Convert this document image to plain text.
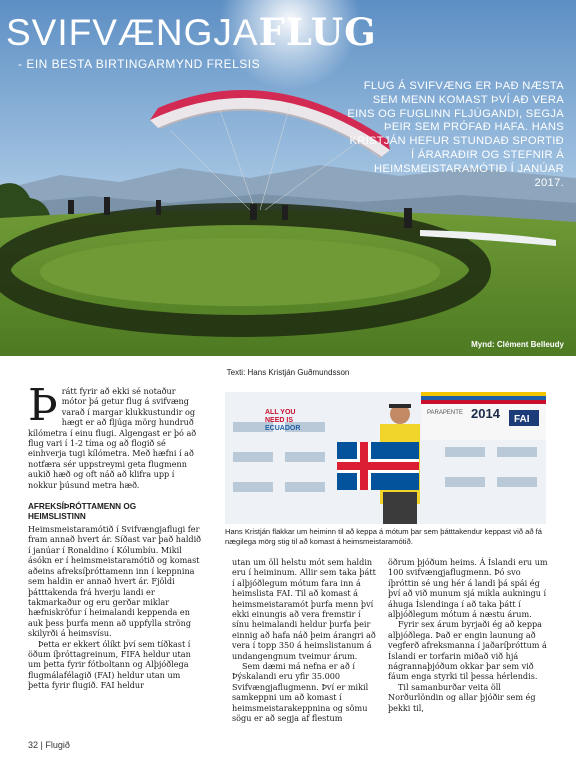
SVIFVÆNGJAFLUG
- EIN BESTA BIRTINGARMYND FRELSIS
FLUG Á SVIFVÆNG ER ÞAÐ NÆSTA SEM MENN KOMAST ÞVÍ AÐ VERA EINS OG FUGLINN FLJÚGANDI, SEGJA ÞEIR SEM PRÓFAÐ HAFA. HANS KRISTJÁN HEFUR STUNDAÐ SPORTIÐ Í ÁRARAÐIR OG STEFNIR Á HEIMSMEISTARAMÓTIÐ Í JANÚAR 2017.
Mynd: Clément Belleudy
Texti: Hans Kristján Guðmundsson
Þ rátt fyrir að ekki sé notaður mótor þá getur flug á svifvæng varað í margar klukkustundir og hægt er að fljúga mörg hundruð kílómetra í einu flugi. Algengast er þó að flug vari í 1-2 tíma og að flogið sé einhverja tugi kílómetra. Með hæfni í að notfæra sér uppstreymi geta flugmenn aukið hæð og oft náð að klifra upp í nokkur þúsund metra hæð.

AFREKSÍÞRÓTTAMENN OG
HEIMSLISTINN

Heimsmeistaramótið í Svifvængjaflugi fer fram annað hvert ár. Síðast var það haldið í janúar í Ronaldino í Kólumbíu. Mikil ásókn er í heimsmeistaramótið og komast aðeins afreksíþróttamenn inn í keppnina sem haldin er annað hvert ár. Fjöldi þátttakenda frá hverju landi er takmarkaður og eru gerðar miklar hæfniskröfur í heimalandi keppenda en auk þess þurfa menn að uppfylla ströng skilyrði á heimsvísu.

Þetta er ekkert ólíkt því sem tíðkast í öðum íþróttagreinum, FIFA heldur utan um þetta fyrir fótboltann og Alþjóðlega flugmálafélagið (FAI) heldur utan um þetta fyrir flugið. FAI heldur

ALL YOU
NEED IS
ECUADOR
PARAPENTE 2014 FAI
Hans Kristján flakkar um heiminn til að keppa á mótum þar sem þátttakendur keppast við að fá nægilega mörg stig til að komast á heimsmeistaramótið.

utan um öll helstu mót sem haldin eru í heiminum. Allir sem taka þátt í alþjóðlegum mótum fara inn á heimslista FAI. Til að komast á heimsmeistaramót þurfa menn því ekki einungis að vera fremstir í sínu heimalandi heldur þurfa þeir einnig að hafa náð þeim árangri að vera í topp 350 á heimslistanum á undangengnum tveimur árum.

Sem dæmi má nefna er að í Þýskalandi eru yfir 35.000 Svifvængjaflugmenn. Því er mikil samkeppni um að komast í heimsmeistarakeppnina og sömu sögu er að segja af flestum

öðrum þjóðum heims. Á Íslandi eru um 100 svifvængjaflugmenn. Þó svo íþróttin sé ung hér á landi þá spái ég því að við munum sjá mikla aukningu í áhuga Íslendinga í að taka þátt í alþjóðlegum mótum á næstu árum.

Fyrir sex árum byrjaði ég að keppa alþjóðlega. Það er engin launung að vegferð afreksmanna í jaðaríþróttum á Íslandi er torfarin miðað við hjá nágrannaþjóðum okkar þar sem við fáum enga styrki til þessa hérlendis.

Til samanburðar veita öll Norðurlöndin og allar þjóðir sem ég þekki til,

32 | Flugið
